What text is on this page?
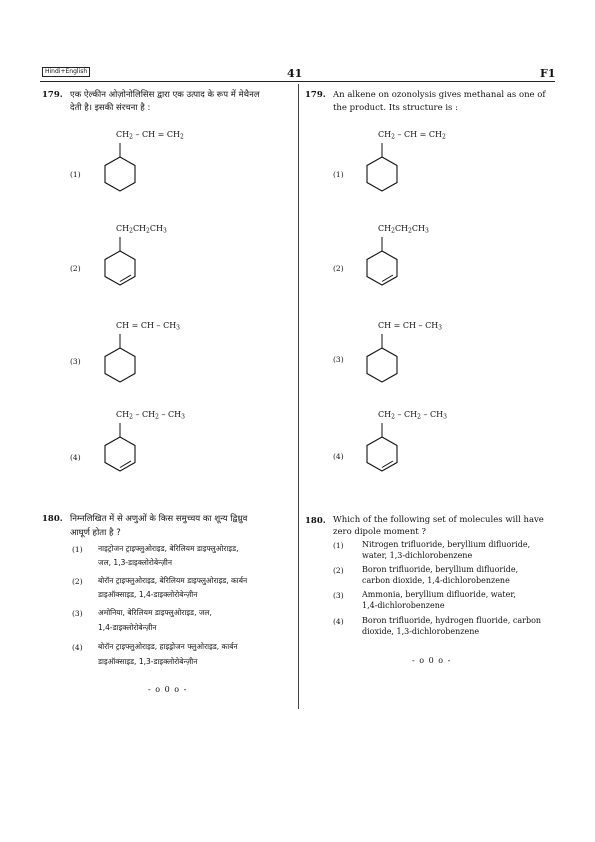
Hindi+English	41	F1
179. एक ऐल्कीन ओज़ोनोलिसिस द्वारा एक उत्पाद के रूप में मेथैनल
देती है। इसकी संरचना है :
(1)
$CH_2$ – CH = $CH_2$
(2)
$CH_2CH_2CH_3$
(3)
CH = CH – $CH_3$
(4)
$CH_2 - CH_2 - CH_3$
180. निम्नलिखित में से अणुओं के किस समुच्चय का शून्य द्विध्रुव
आघूर्ण होता है ?
(1) नाइट्रोजन ट्राइफ्लुओराइड, बेरिलियम डाइफ्लुओराइड,
जल, 1,3-डाइक्लोरोबेन्ज़ीन
(2) बोरॉन ट्राइफ्लुओराइड, बेरिलियम डाइफ्लुओराइड, कार्बन
डाइऑक्साइड, 1,4-डाइक्लोरोबेन्ज़ीन
(3) अमोनिया, बेरिलियम डाइफ्लुओराइड, जल,
1,4-डाइक्लोरोबेन्ज़ीन
(4) बोरॉन ट्राइफ्लुओराइड, हाइड्रोजन फ्लुओराइड, कार्बन
डाइऑक्साइड, 1,3-डाइक्लोरोबेन्ज़ीन
- o 0 o -
179. An alkene on ozonolysis gives methanal as one of
the product. Its structure is :
(1)
$CH_2$ – CH = $CH_2$
(2)
$CH_2CH_2CH_3$
(3)
CH = CH – $CH_3$
(4)
$CH_2 - CH_2 - CH_3$
180. Which of the following set of molecules will have
zero dipole moment ?
(1) Nitrogen trifluoride, beryllium difluoride,
water, 1,3-dichlorobenzene
(2) Boron trifluoride, beryllium difluoride,
carbon dioxide, 1,4-dichlorobenzene
(3) Ammonia, beryllium difluoride, water,
1,4-dichlorobenzene
(4) Boron trifluoride, hydrogen fluoride, carbon
dioxide, 1,3-dichlorobenzene
- o 0 o -
